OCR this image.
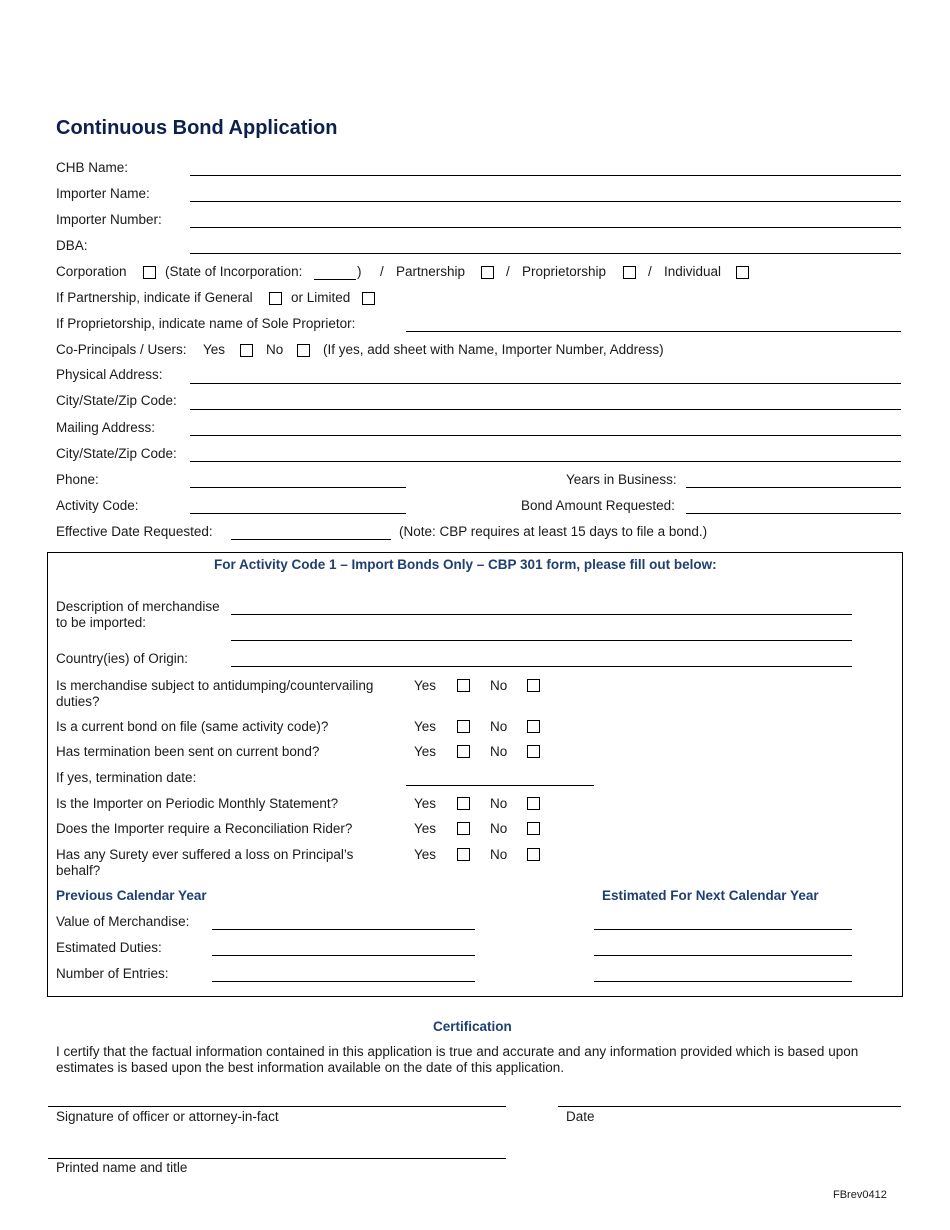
Continuous Bond Application
CHB Name:
Importer Name:
Importer Number:
DBA:
Corporation	(State of Incorporation:	) / Partnership	/ Proprietorship	/ Individual
If Partnership, indicate if General	or Limited
If Proprietorship, indicate name of Sole Proprietor:
Co-Principals / Users: Yes	No	(If yes, add sheet with Name, Importer Number, Address)
Physical Address:
City/State/Zip Code:
Mailing Address:
City/State/Zip Code:
Phone:	Years in Business:
Activity Code:	Bond Amount Requested:
Effective Date Requested:	(Note: CBP requires at least 15 days to file a bond.)
For Activity Code 1 – Import Bonds Only – CBP 301 form, please fill out below:
Description of merchandise
to be imported:
Country(ies) of Origin:
Is merchandise subject to antidumping/countervailing
duties?
Yes	No
Is a current bond on file (same activity code)?	Yes	No
Has termination been sent on current bond?	Yes	No
If yes, termination date:
Is the Importer on Periodic Monthly Statement?	Yes	No
Does the Importer require a Reconciliation Rider?	Yes	No
Has any Surety ever suffered a loss on Principal’s
behalf?
Yes	No
Previous Calendar Year	Estimated For Next Calendar Year
Value of Merchandise:
Estimated Duties:
Number of Entries:
Certification
I certify that the factual information contained in this application is true and accurate and any information provided which is based upon
estimates is based upon the best information available on the date of this application.
Signature of officer or attorney-in-fact	Date
Printed name and title
FBrev0412
